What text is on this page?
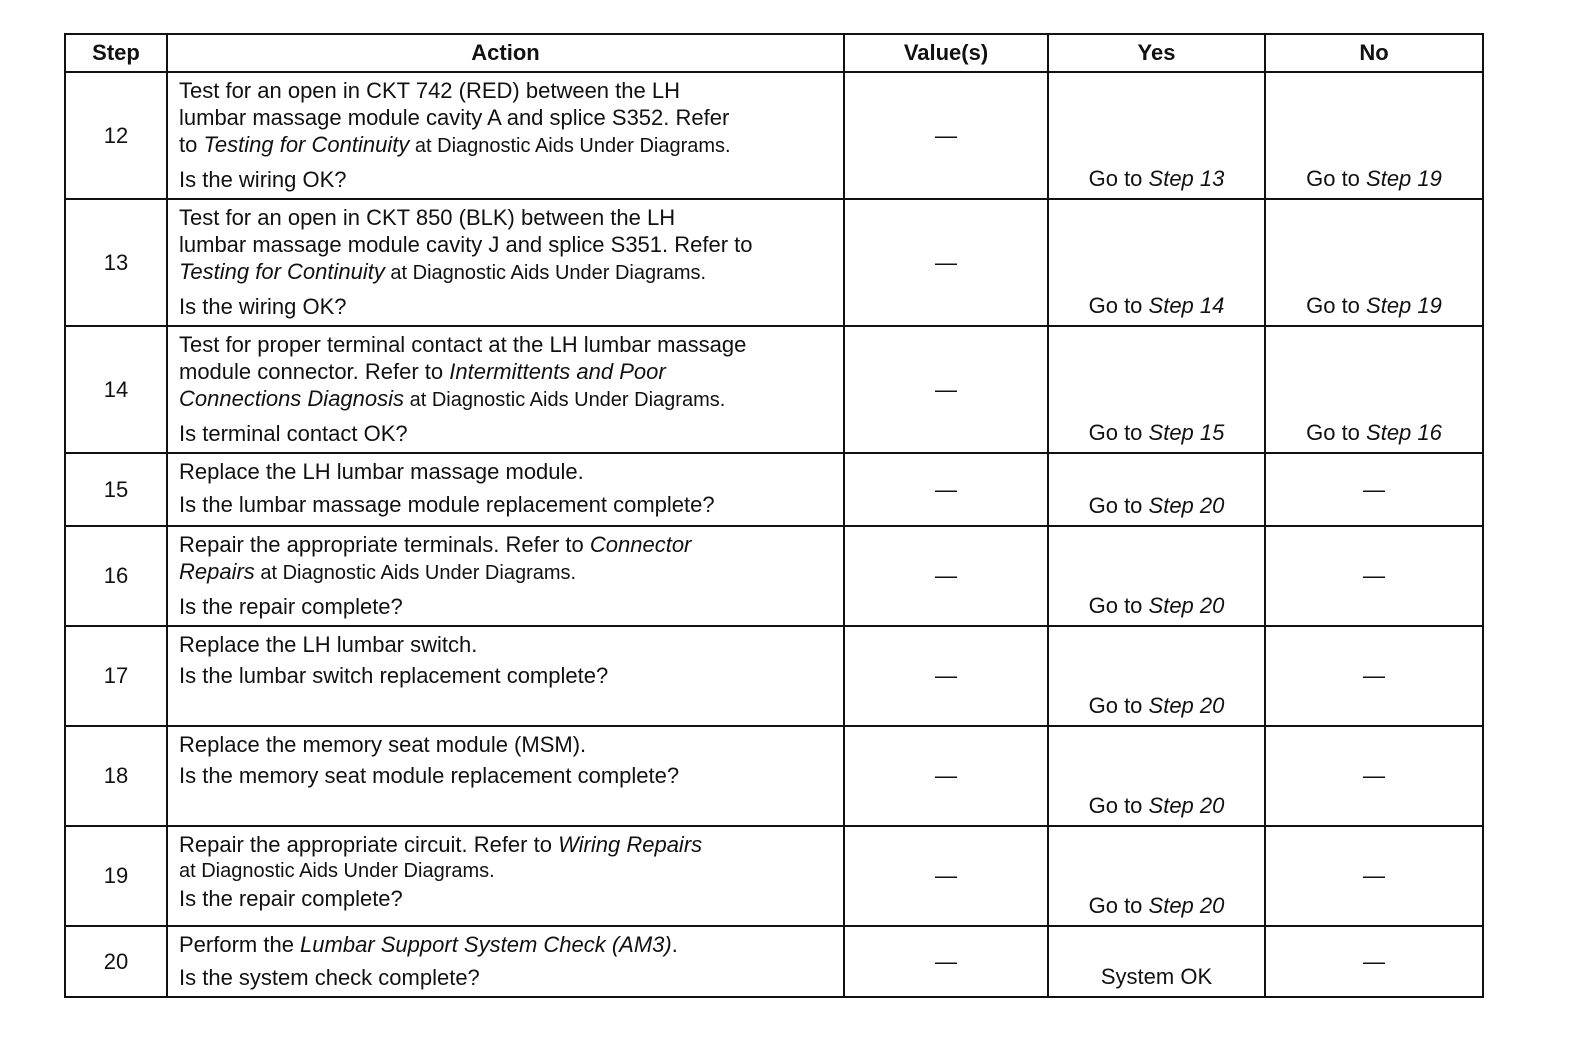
Step	Action	Value(s)	Yes	No
12	Test for an open in CKT 742 (RED) between the LH
lumbar massage module cavity A and splice S352. Refer
to Testing for Continuity at Diagnostic Aids Under Diagrams.
Is the wiring OK?	—	Go to Step 13	Go to Step 19
13	Test for an open in CKT 850 (BLK) between the LH
lumbar massage module cavity J and splice S351. Refer to
Testing for Continuity at Diagnostic Aids Under Diagrams.
Is the wiring OK?	—	Go to Step 14	Go to Step 19
14	Test for proper terminal contact at the LH lumbar massage
module connector. Refer to Intermittents and Poor
Connections Diagnosis at Diagnostic Aids Under Diagrams.
Is terminal contact OK?	—	Go to Step 15	Go to Step 16
15	Replace the LH lumbar massage module.
Is the lumbar massage module replacement complete?	—	Go to Step 20	—
16	Repair the appropriate terminals. Refer to Connector
Repairs at Diagnostic Aids Under Diagrams.
Is the repair complete?	—	Go to Step 20	—
17	Replace the LH lumbar switch.
Is the lumbar switch replacement complete?	—	Go to Step 20	—
18	Replace the memory seat module (MSM).
Is the memory seat module replacement complete?	—	Go to Step 20	—
19	Repair the appropriate circuit. Refer to Wiring Repairs
at Diagnostic Aids Under Diagrams.
Is the repair complete?	—	Go to Step 20	—
20	Perform the Lumbar Support System Check (AM3).
Is the system check complete?	—	System OK	—
